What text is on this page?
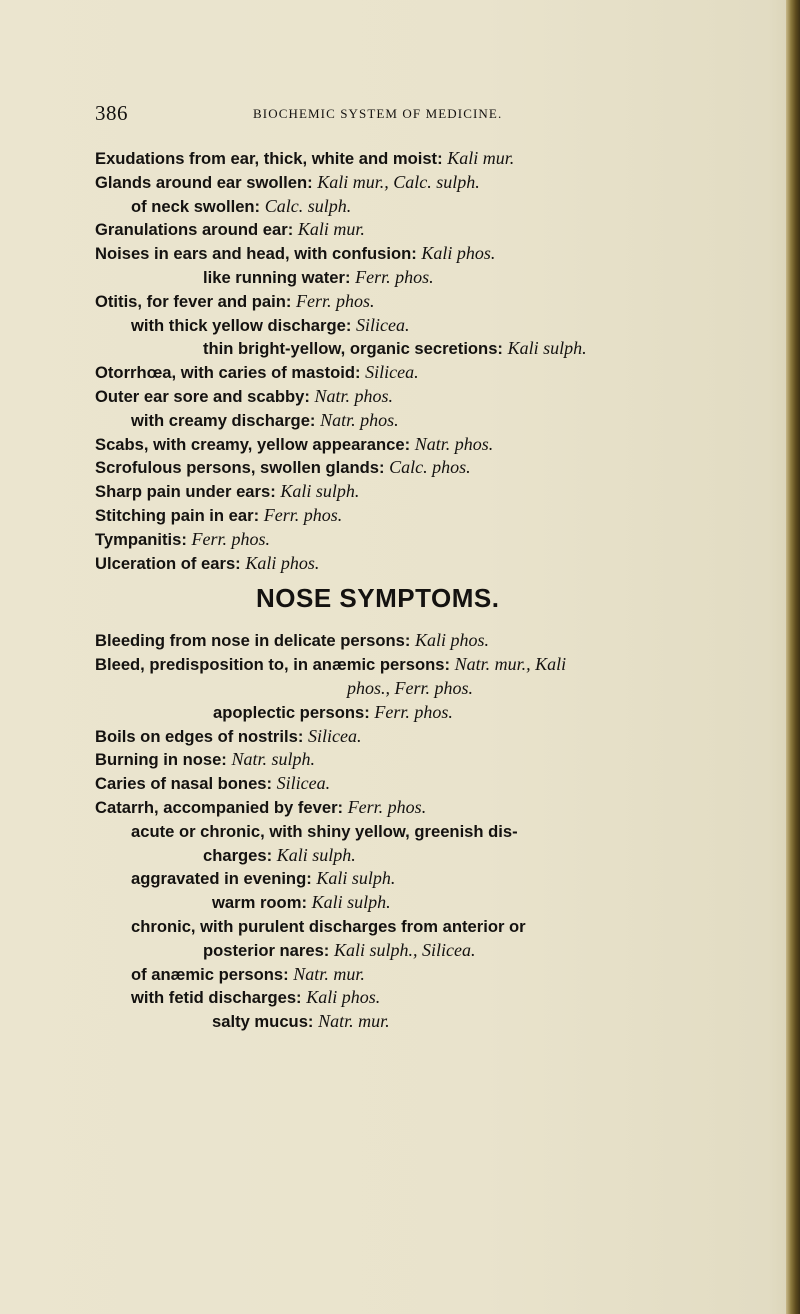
386	BIOCHEMIC SYSTEM OF MEDICINE.
Exudations from ear, thick, white and moist: Kali mur.
Glands around ear swollen: Kali mur., Calc. sulph.
of neck swollen: Calc. sulph.
Granulations around ear: Kali mur.
Noises in ears and head, with confusion: Kali phos.
like running water: Ferr. phos.
Otitis, for fever and pain: Ferr. phos.
with thick yellow discharge: Silicea.
thin bright-yellow, organic secretions: Kali sulph.
Otorrhœa, with caries of mastoid: Silicea.
Outer ear sore and scabby: Natr. phos.
with creamy discharge: Natr. phos.
Scabs, with creamy, yellow appearance: Natr. phos.
Scrofulous persons, swollen glands: Calc. phos.
Sharp pain under ears: Kali sulph.
Stitching pain in ear: Ferr. phos.
Tympanitis: Ferr. phos.
Ulceration of ears: Kali phos.
NOSE SYMPTOMS.
Bleeding from nose in delicate persons: Kali phos.
Bleed, predisposition to, in anæmic persons: Natr. mur., Kali
phos., Ferr. phos.
apoplectic persons: Ferr. phos.
Boils on edges of nostrils: Silicea.
Burning in nose: Natr. sulph.
Caries of nasal bones: Silicea.
Catarrh, accompanied by fever: Ferr. phos.
acute or chronic, with shiny yellow, greenish dis-
charges: Kali sulph.
aggravated in evening: Kali sulph.
warm room: Kali sulph.
chronic, with purulent discharges from anterior or
posterior nares: Kali sulph., Silicea.
of anæmic persons: Natr. mur.
with fetid discharges: Kali phos.
salty mucus: Natr. mur.
